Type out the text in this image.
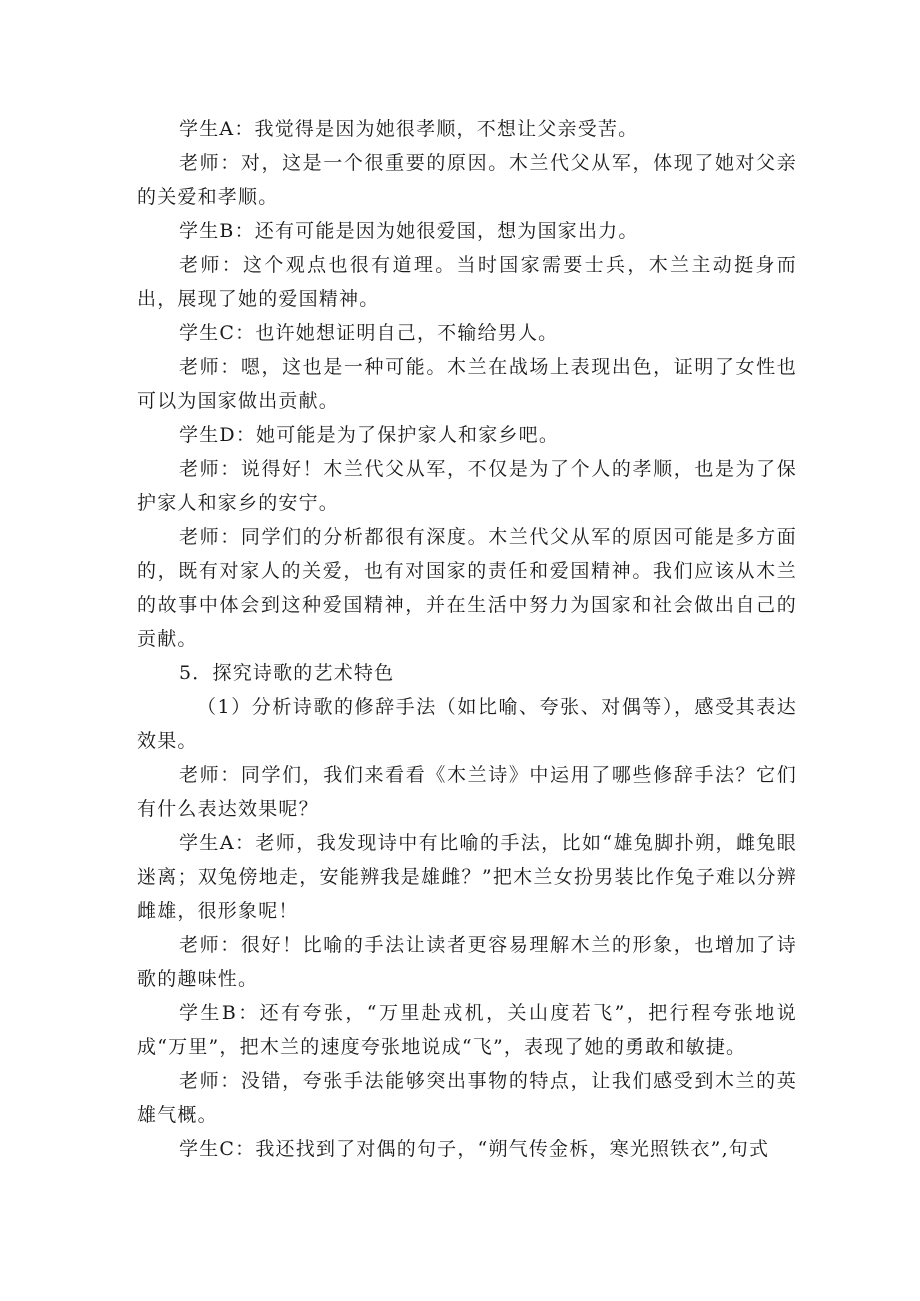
学生A：我觉得是因为她很孝顺，不想让父亲受苦。

老师：对，这是一个很重要的原因。木兰代父从军，体现了她对父亲的关爱和孝顺。

学生B：还有可能是因为她很爱国，想为国家出力。

老师：这个观点也很有道理。当时国家需要士兵，木兰主动挺身而出，展现了她的爱国精神。

学生C：也许她想证明自己，不输给男人。

老师：嗯，这也是一种可能。木兰在战场上表现出色，证明了女性也可以为国家做出贡献。

学生D：她可能是为了保护家人和家乡吧。

老师：说得好！木兰代父从军，不仅是为了个人的孝顺，也是为了保护家人和家乡的安宁。

老师：同学们的分析都很有深度。木兰代父从军的原因可能是多方面的，既有对家人的关爱，也有对国家的责任和爱国精神。我们应该从木兰的故事中体会到这种爱国精神，并在生活中努力为国家和社会做出自己的贡献。

5．探究诗歌的艺术特色

（1）分析诗歌的修辞手法（如比喻、夸张、对偶等），感受其表达效果。

老师：同学们，我们来看看《木兰诗》中运用了哪些修辞手法？它们有什么表达效果呢？

学生A：老师，我发现诗中有比喻的手法，比如“雄兔脚扑朔，雌兔眼迷离；双兔傍地走，安能辨我是雄雌？”把木兰女扮男装比作兔子难以分辨雌雄，很形象呢！

老师：很好！比喻的手法让读者更容易理解木兰的形象，也增加了诗歌的趣味性。

学生B：还有夸张，“万里赴戎机，关山度若飞”，把行程夸张地说成“万里”，把木兰的速度夸张地说成“飞”，表现了她的勇敢和敏捷。

老师：没错，夸张手法能够突出事物的特点，让我们感受到木兰的英雄气概。

学生C：我还找到了对偶的句子，“朔气传金柝，寒光照铁衣”,句式
